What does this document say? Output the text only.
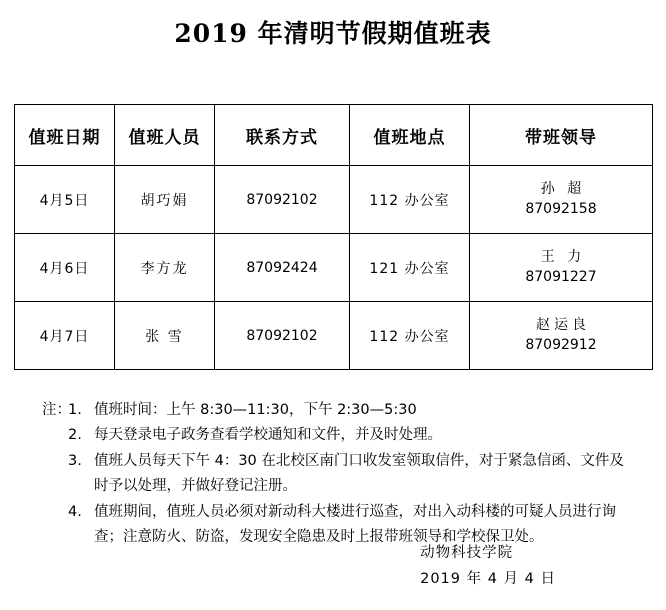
2019 年清明节假期值班表
值班日期	值班人员	联系方式	值班地点	带班领导
4月5日	胡巧娟	87092102	112 办公室	孙 超
87092158

4月6日	李方龙	87092424	121 办公室	王 力
87091227

4月7日	张 雪	87092102	112 办公室	赵运良
87092912
注：
1. 值班时间：上午 8:30—11:30，下午 2:30—5:30
2. 每天登录电子政务查看学校通知和文件，并及时处理。
3. 值班人员每天下午 4：30 在北校区南门口收发室领取信件，对于紧急信函、文件及时予以处理，并做好登记注册。
4. 值班期间，值班人员必须对新动科大楼进行巡查，对出入动科楼的可疑人员进行询查；注意防火、防盗，发现安全隐患及时上报带班领导和学校保卫处。
动物科技学院
2019 年 4 月 4 日
